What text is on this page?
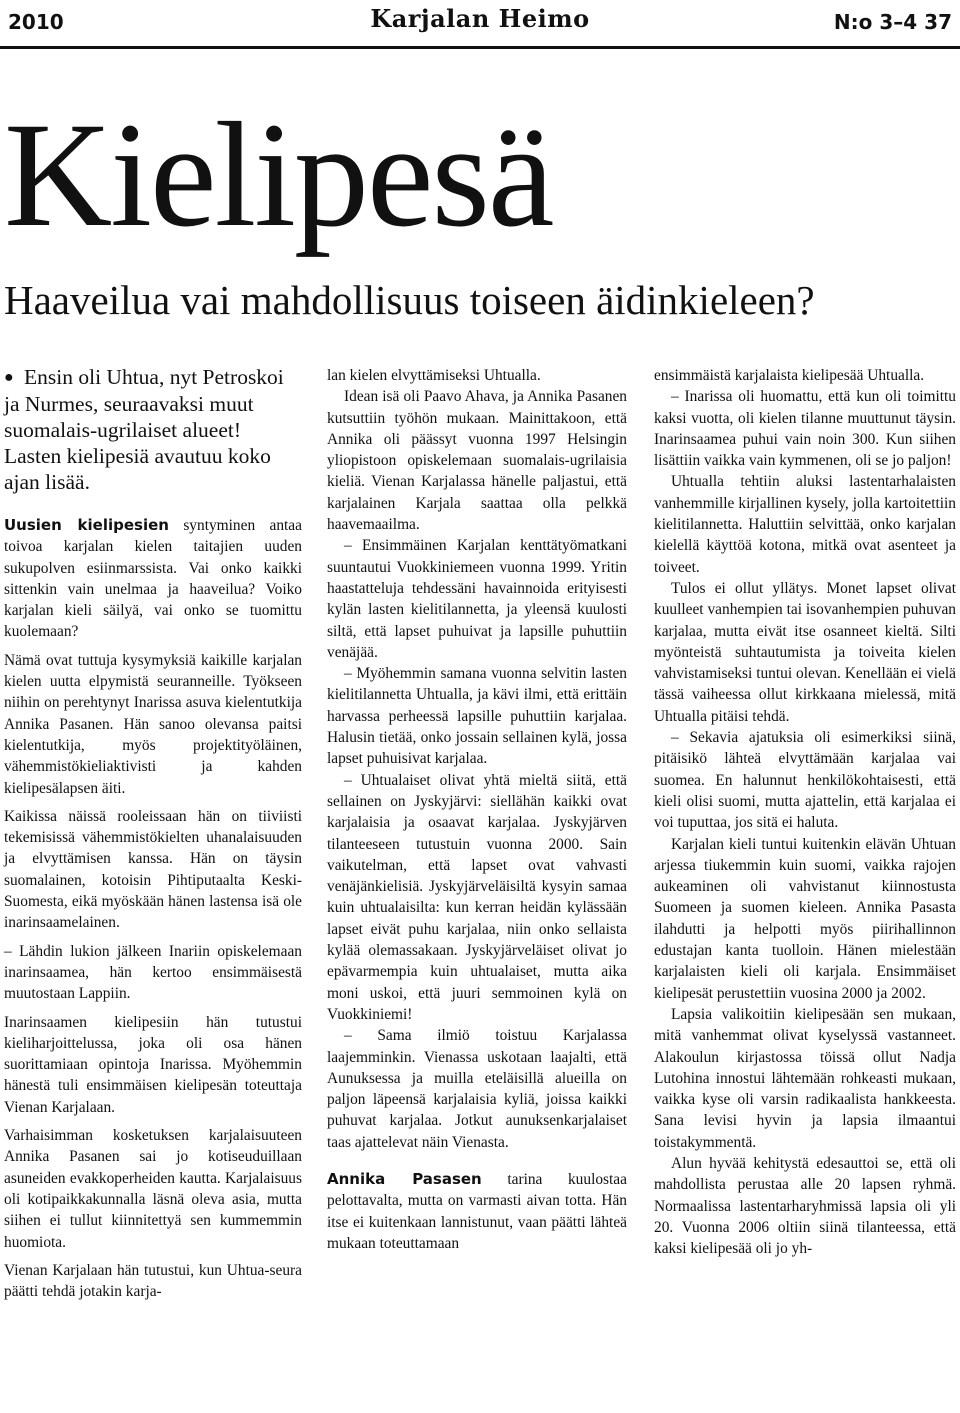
2010	Karjalan Heimo	N:o 3–4 37
Kielipesä
Haaveilua vai mahdollisuus toiseen äidinkieleen?
● Ensin oli Uhtua, nyt Petroskoi ja Nurmes, seuraavaksi muut suomalais-ugrilaiset alueet! Lasten kielipesiä avautuu koko ajan lisää.

Uusien kielipesien syntyminen antaa toivoa karjalan kielen taitajien uuden sukupolven esiinmarssista. Vai onko kaikki sittenkin vain unelmaa ja haaveilua? Voiko karjalan kieli säilyä, vai onko se tuomittu kuolemaan?

Nämä ovat tuttuja kysymyksiä kaikille karjalan kielen uutta elpymistä seuranneille. Työkseen niihin on perehtynyt Inarissa asuva kielentutkija Annika Pasanen. Hän sanoo olevansa paitsi kielentutkija, myös projektityöläinen, vähemmistökieliaktivisti ja kahden kielipesälapsen äiti.

Kaikissa näissä rooleissaan hän on tiiviisti tekemisissä vähemmistökielten uhanalaisuuden ja elvyttämisen kanssa. Hän on täysin suomalainen, kotoisin Pihtiputaalta Keski-Suomesta, eikä myöskään hänen lastensa isä ole inarinsaamelainen.

– Lähdin lukion jälkeen Inariin opiskelemaan inarinsaamea, hän kertoo ensimmäisestä muutostaan Lappiin.

Inarinsaamen kielipesiin hän tutustui kieliharjoittelussa, joka oli osa hänen suorittamiaan opintoja Inarissa. Myöhemmin hänestä tuli ensimmäisen kielipesän toteuttaja Vienan Karjalaan.

Varhaisimman kosketuksen karjalaisuuteen Annika Pasanen sai jo kotiseuduillaan asuneiden evakkoperheiden kautta. Karjalaisuus oli kotipaikkakunnalla läsnä oleva asia, mutta siihen ei tullut kiinnitettyä sen kummemmin huomiota.

Vienan Karjalaan hän tutustui, kun Uhtua-seura päätti tehdä jotakin karja-

lan kielen elvyttämiseksi Uhtualla.

Idean isä oli Paavo Ahava, ja Annika Pasanen kutsuttiin työhön mukaan. Mainittakoon, että Annika oli päässyt vuonna 1997 Helsingin yliopistoon opiskelemaan suomalais-ugrilaisia kieliä. Vienan Karjalassa hänelle paljastui, että karjalainen Karjala saattaa olla pelkkä haavemaailma.

– Ensimmäinen Karjalan kenttätyömatkani suuntautui Vuokkiniemeen vuonna 1999. Yritin haastatteluja tehdessäni havainnoida erityisesti kylän lasten kielitilannetta, ja yleensä kuulosti siltä, että lapset puhuivat ja lapsille puhuttiin venäjää.

– Myöhemmin samana vuonna selvitin lasten kielitilannetta Uhtualla, ja kävi ilmi, että erittäin harvassa perheessä lapsille puhuttiin karjalaa. Halusin tietää, onko jossain sellainen kylä, jossa lapset puhuisivat karjalaa.

– Uhtualaiset olivat yhtä mieltä siitä, että sellainen on Jyskyjärvi: siellähän kaikki ovat karjalaisia ja osaavat karjalaa. Jyskyjärven tilanteeseen tutustuin vuonna 2000. Sain vaikutelman, että lapset ovat vahvasti venäjänkielisiä. Jyskyjärveläisiltä kysyin samaa kuin uhtualaisilta: kun kerran heidän kylässään lapset eivät puhu karjalaa, niin onko sellaista kylää olemassakaan. Jyskyjärveläiset olivat jo epävarmempia kuin uhtualaiset, mutta aika moni uskoi, että juuri semmoinen kylä on Vuokkiniemi!

– Sama ilmiö toistuu Karjalassa laajemminkin. Vienassa uskotaan laajalti, että Aunuksessa ja muilla eteläisillä alueilla on paljon läpeensä karjalaisia kyliä, joissa kaikki puhuvat karjalaa. Jotkut aunuksenkarjalaiset taas ajattelevat näin Vienasta.

Annika Pasasen tarina kuulostaa pelottavalta, mutta on varmasti aivan totta. Hän itse ei kuitenkaan lannistunut, vaan päätti lähteä mukaan toteuttamaan

ensimmäistä karjalaista kielipesää Uhtualla.

– Inarissa oli huomattu, että kun oli toimittu kaksi vuotta, oli kielen tilanne muuttunut täysin. Inarinsaamea puhui vain noin 300. Kun siihen lisättiin vaikka vain kymmenen, oli se jo paljon!

Uhtualla tehtiin aluksi lastentarhalaisten vanhemmille kirjallinen kysely, jolla kartoitettiin kielitilannetta. Haluttiin selvittää, onko karjalan kielellä käyttöä kotona, mitkä ovat asenteet ja toiveet.

Tulos ei ollut yllätys. Monet lapset olivat kuulleet vanhempien tai isovanhempien puhuvan karjalaa, mutta eivät itse osanneet kieltä. Silti myönteistä suhtautumista ja toiveita kielen vahvistamiseksi tuntui olevan. Kenellään ei vielä tässä vaiheessa ollut kirkkaana mielessä, mitä Uhtualla pitäisi tehdä.

– Sekavia ajatuksia oli esimerkiksi siinä, pitäisikö lähteä elvyttämään karjalaa vai suomea. En halunnut henkilökohtaisesti, että kieli olisi suomi, mutta ajattelin, että karjalaa ei voi tuputtaa, jos sitä ei haluta.

Karjalan kieli tuntui kuitenkin elävän Uhtuan arjessa tiukemmin kuin suomi, vaikka rajojen aukeaminen oli vahvistanut kiinnostusta Suomeen ja suomen kieleen. Annika Pasasta ilahdutti ja helpotti myös piirihallinnon edustajan kanta tuolloin. Hänen mielestään karjalaisten kieli oli karjala. Ensimmäiset kielipesät perustettiin vuosina 2000 ja 2002.

Lapsia valikoitiin kielipesään sen mukaan, mitä vanhemmat olivat kyselyssä vastanneet. Alakoulun kirjastossa töissä ollut Nadja Lutohina innostui lähtemään rohkeasti mukaan, vaikka kyse oli varsin radikaalista hankkeesta. Sana levisi hyvin ja lapsia ilmaantui toistakymmentä.

Alun hyvää kehitystä edesauttoi se, että oli mahdollista perustaa alle 20 lapsen ryhmä. Normaalissa lastentarharyhmissä lapsia oli yli 20. Vuonna 2006 oltiin siinä tilanteessa, että kaksi kielipesää oli jo yh-
